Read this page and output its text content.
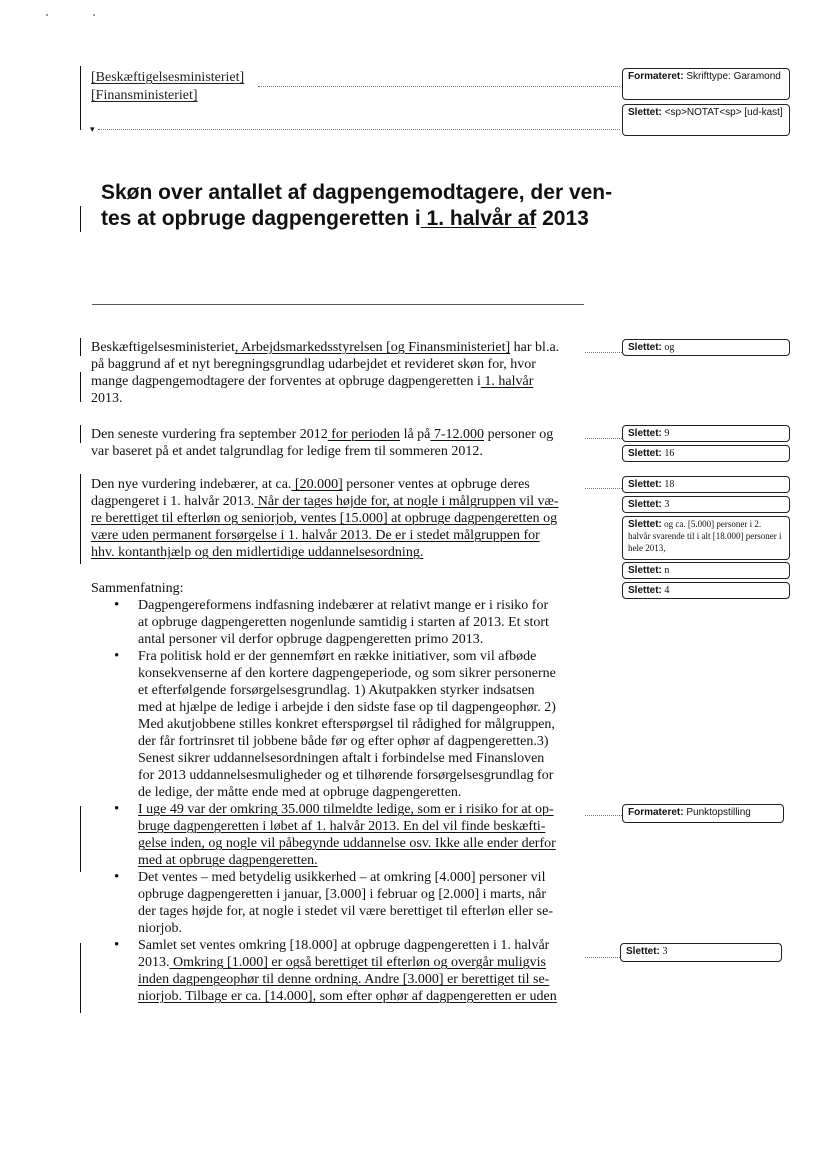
[Beskæftigelsesministeriet]
[Finansministeriet]
▾
Skøn over antallet af dagpengemodtagere, der ven-
tes at opbruge dagpengeretten i 1. halvår af 2013
Beskæftigelsesministeriet, Arbejdsmarkedsstyrelsen [og Finansministeriet] har bl.a.
på baggrund af et nyt beregningsgrundlag udarbejdet et revideret skøn for, hvor
mange dagpengemodtagere der forventes at opbruge dagpengeretten i 1. halvår
2013.
Den seneste vurdering fra september 2012 for perioden lå på 7-12.000 personer og
var baseret på et andet talgrundlag for ledige frem til sommeren 2012.
Den nye vurdering indebærer, at ca. [20.000] personer ventes at opbruge deres
dagpengeret i 1. halvår 2013. Når der tages højde for, at nogle i målgruppen vil væ-
re berettiget til efterløn og seniorjob, ventes [15.000] at opbruge dagpengeretten og
være uden permanent forsørgelse i 1. halvår 2013. De er i stedet målgruppen for
hhv. kontanthjælp og den midlertidige uddannelsesordning.
Sammenfatning:
• Dagpengereformens indfasning indebærer at relativt mange er i risiko for
at opbruge dagpengeretten nogenlunde samtidig i starten af 2013. Et stort
antal personer vil derfor opbruge dagpengeretten primo 2013.
• Fra politisk hold er der gennemført en række initiativer, som vil afbøde
konsekvenserne af den kortere dagpengeperiode, og som sikrer personerne
et efterfølgende forsørgelsesgrundlag. 1) Akutpakken styrker indsatsen
med at hjælpe de ledige i arbejde i den sidste fase op til dagpengeophør. 2)
Med akutjobbene stilles konkret efterspørgsel til rådighed for målgruppen,
der får fortrinsret til jobbene både før og efter ophør af dagpengeretten.3)
Senest sikrer uddannelsesordningen aftalt i forbindelse med Finansloven
for 2013 uddannelsesmuligheder og et tilhørende forsørgelsesgrundlag for
de ledige, der måtte ende med at opbruge dagpengeretten.
• I uge 49 var der omkring 35.000 tilmeldte ledige, som er i risiko for at op-
bruge dagpengeretten i løbet af 1. halvår 2013. En del vil finde beskæfti-
gelse inden, og nogle vil påbegynde uddannelse osv. Ikke alle ender derfor
med at opbruge dagpengeretten.
• Det ventes – med betydelig usikkerhed – at omkring [4.000] personer vil
opbruge dagpengeretten i januar, [3.000] i februar og [2.000] i marts, når
der tages højde for, at nogle i stedet vil være berettiget til efterløn eller se-
niorjob.
• Samlet set ventes omkring [18.000] at opbruge dagpengeretten i 1. halvår
2013. Omkring [1.000] er også berettiget til efterløn og overgår muligvis
inden dagpengeophør til denne ordning. Andre [3.000] er berettiget til se-
niorjob. Tilbage er ca. [14.000], som efter ophør af dagpengeretten er uden
Formateret: Skrifttype: Garamond
Slettet: <sp>NOTAT<sp> [ud-kast]
Slettet: og
Slettet: 9
Slettet: 16
Slettet: 18
Slettet: 3
Slettet: og ca. [5.000] personer i 2. halvår svarende til i alt [18.000] personer i hele 2013,
Slettet: n
Slettet: 4
Formateret: Punktopstilling
Slettet: 3
